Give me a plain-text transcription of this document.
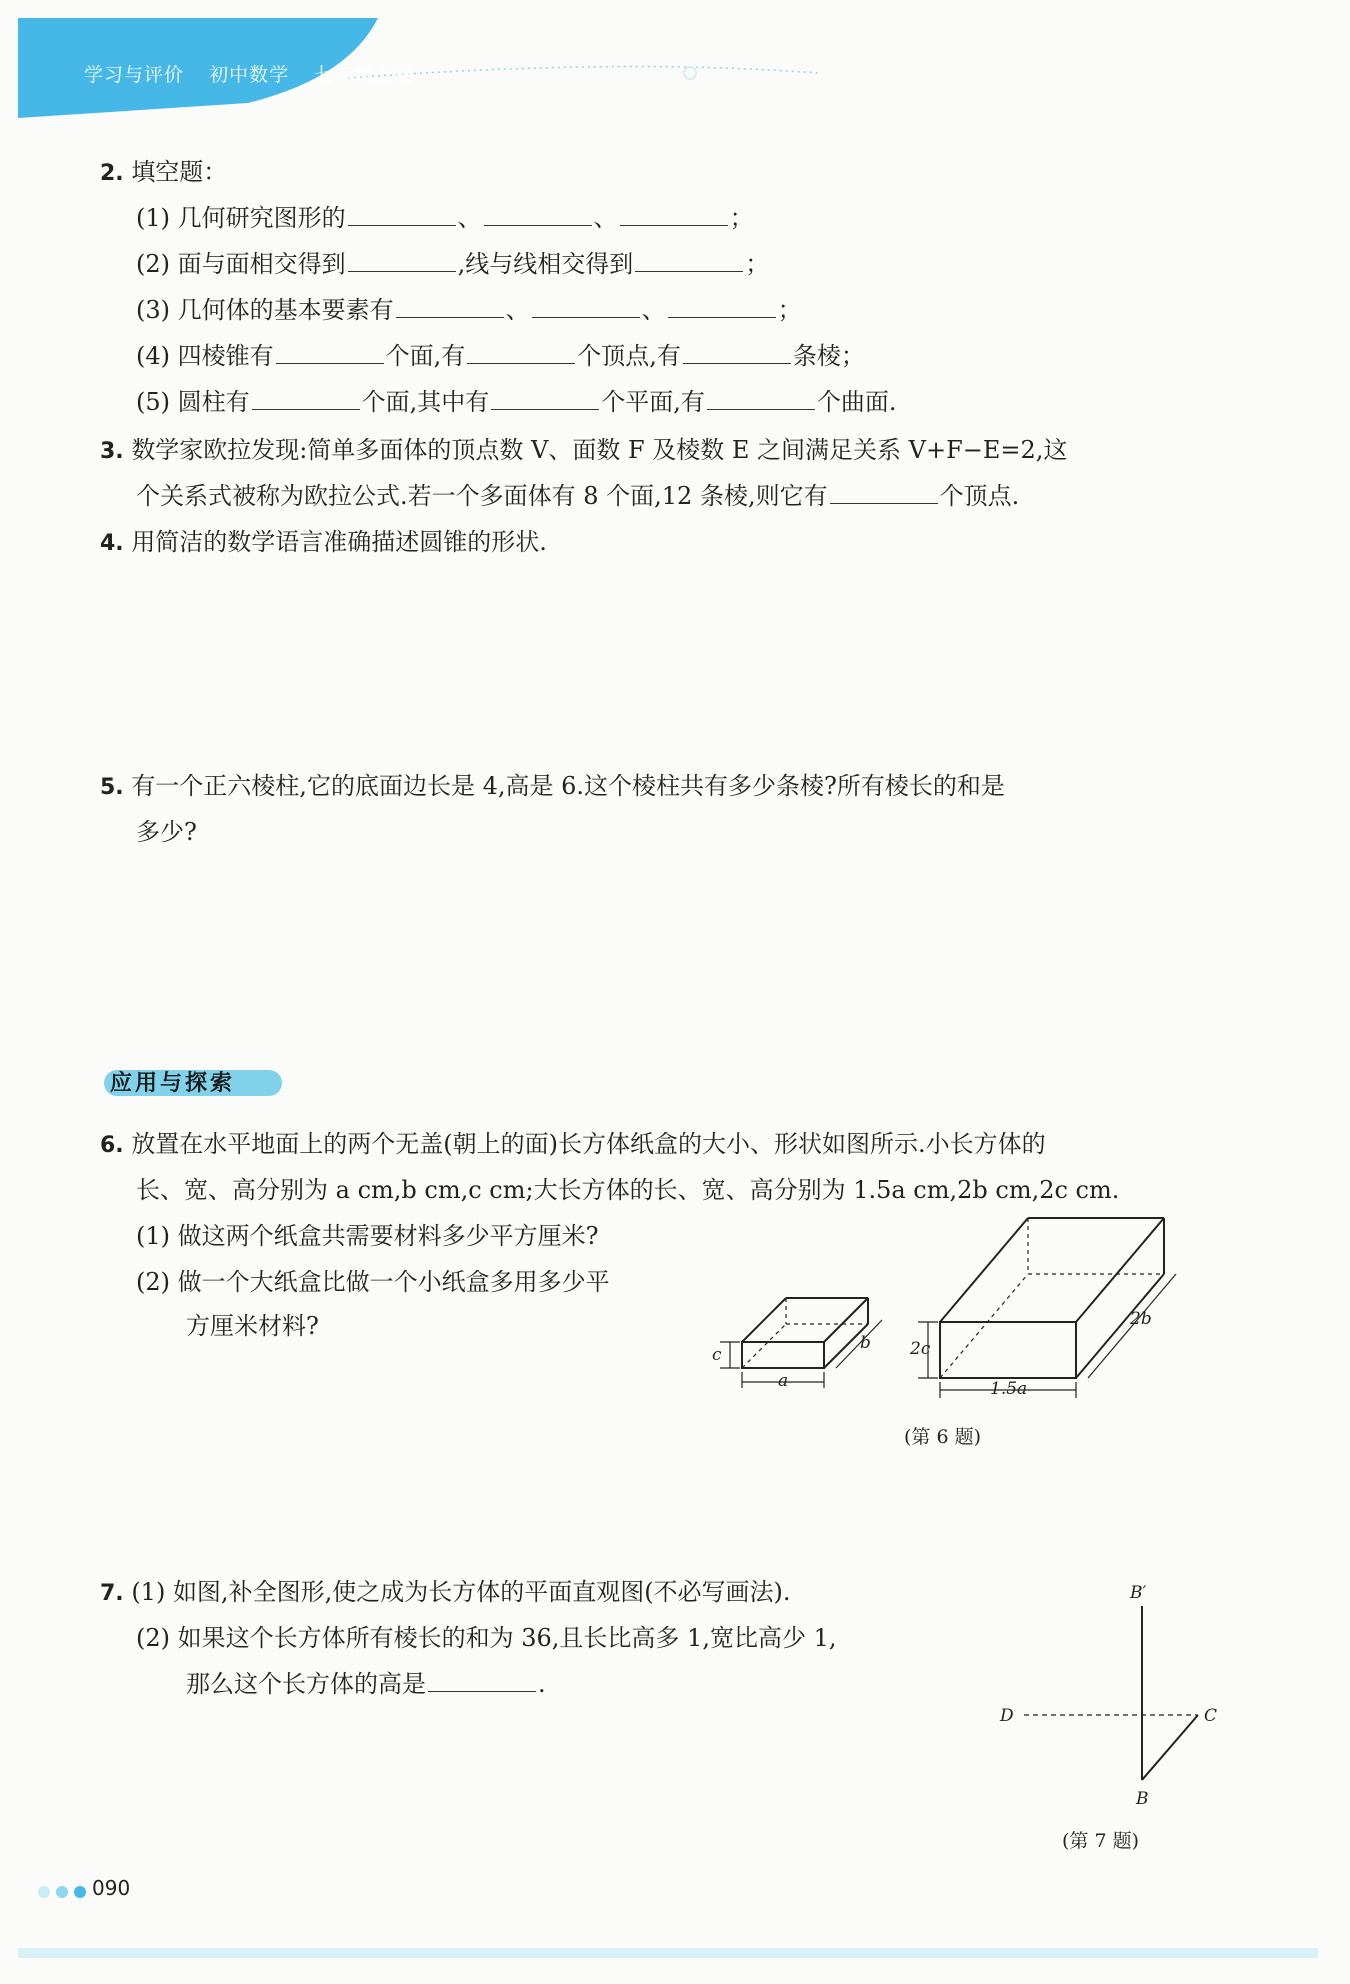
学习与评价 初中数学 七年级上册
2. 填空题：
(1) 几何研究图形的	、	、	；
(2) 面与面相交得到	,线与线相交得到	；
(3) 几何体的基本要素有	、	、	；
(4) 四棱锥有	个面,有	个顶点,有	条棱；
(5) 圆柱有	个面,其中有	个平面,有	个曲面.
3. 数学家欧拉发现:简单多面体的顶点数 V、面数 F 及棱数 E 之间满足关系 V+F−E=2,这
个关系式被称为欧拉公式.若一个多面体有 8 个面,12 条棱,则它有	个顶点.
4. 用简洁的数学语言准确描述圆锥的形状.
5. 有一个正六棱柱,它的底面边长是 4,高是 6.这个棱柱共有多少条棱?所有棱长的和是
多少?
应用与探索
6. 放置在水平地面上的两个无盖(朝上的面)长方体纸盒的大小、形状如图所示.小长方体的
长、宽、高分别为 a cm,b cm,c cm;大长方体的长、宽、高分别为 1.5a cm,2b cm,2c cm.
(1) 做这两个纸盒共需要材料多少平方厘米?
(2) 做一个大纸盒比做一个小纸盒多用多少平
方厘米材料?
c
a
b 2c
1.5a
2b
(第 6 题)
7. (1) 如图,补全图形,使之成为长方体的平面直观图(不必写画法).
(2) 如果这个长方体所有棱长的和为 36,且长比高多 1,宽比高少 1,
那么这个长方体的高是	.
B′
D	C
B
(第 7 题)
090
